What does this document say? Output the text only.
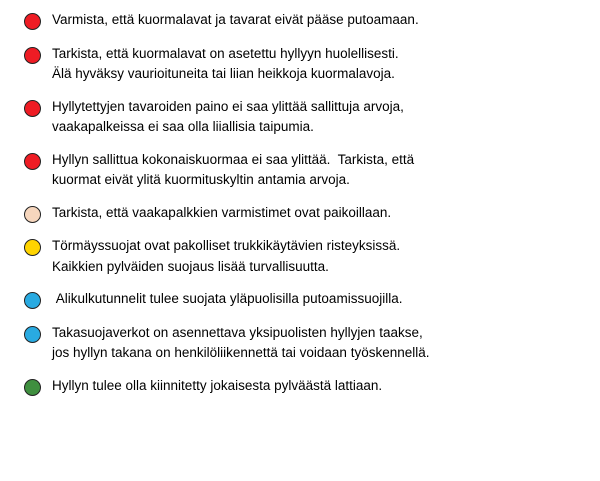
Varmista, että kuormalavat ja tavarat eivät pääse putoamaan.
Tarkista, että kuormalavat on asetettu hyllyyn huolellisesti.
Älä hyväksy vaurioituneita tai liian heikkoja kuormalavoja.
Hyllytettyjen tavaroiden paino ei saa ylittää sallittuja arvoja,
vaakapalkeissa ei saa olla liiallisia taipumia.
Hyllyn sallittua kokonaiskuormaa ei saa ylittää.  Tarkista, että
kuormat eivät ylitä kuormituskyltin antamia arvoja.
Tarkista, että vaakapalkkien varmistimet ovat paikoillaan.
Törmäyssuojat ovat pakolliset trukkikäytävien risteyksissä.
Kaikkien pylväiden suojaus lisää turvallisuutta.
Alikulkutunnelit tulee suojata yläpuolisilla putoamissuojilla.
Takasuojaverkot on asennettava yksipuolisten hyllyjen taakse,
jos hyllyn takana on henkilöliikennettä tai voidaan työskennellä.
Hyllyn tulee olla kiinnitetty jokaisesta pylväästä lattiaan.
